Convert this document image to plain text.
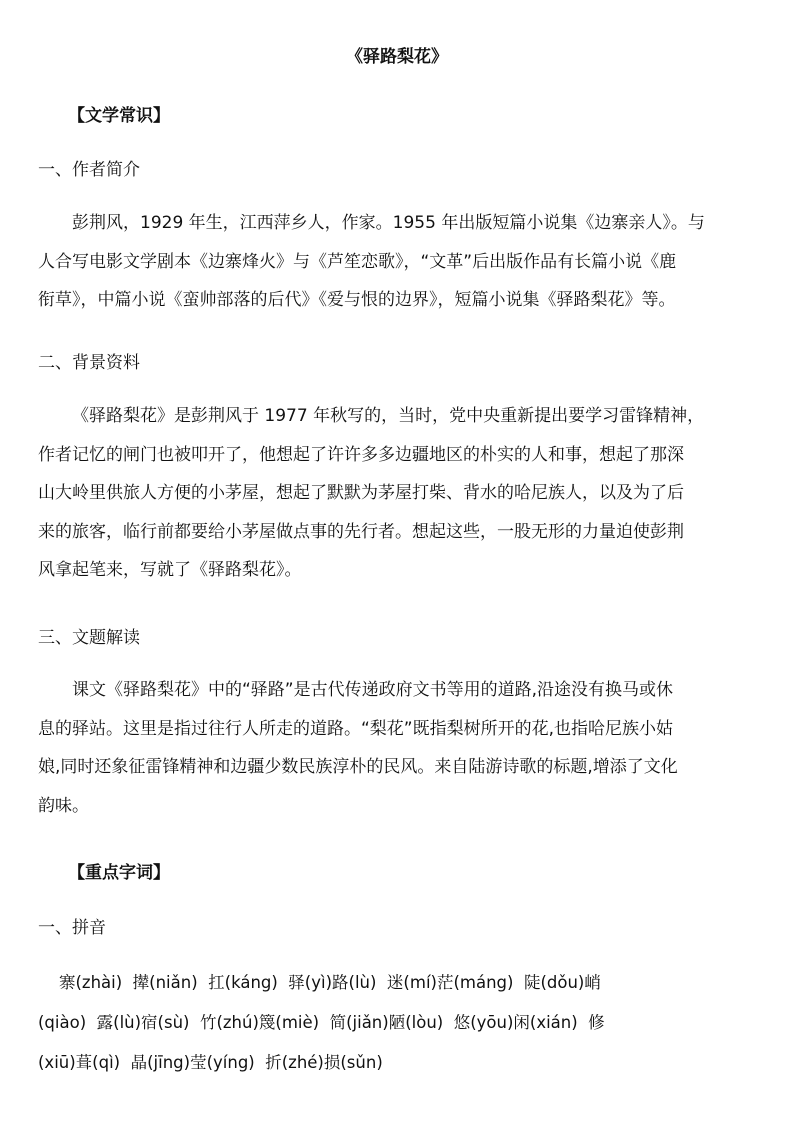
《驿路梨花》
【文学常识】
一、作者简介
彭荆风，1929 年生，江西萍乡人，作家。1955 年出版短篇小说集《边寨亲人》。与
人合写电影文学剧本《边寨烽火》与《芦笙恋歌》，“文革”后出版作品有长篇小说《鹿
衔草》，中篇小说《蛮帅部落的后代》《爱与恨的边界》，短篇小说集《驿路梨花》等。
二、背景资料
《驿路梨花》是彭荆风于 1977 年秋写的，当时，党中央重新提出要学习雷锋精神，
作者记忆的闸门也被叩开了，他想起了许许多多边疆地区的朴实的人和事，想起了那深
山大岭里供旅人方便的小茅屋，想起了默默为茅屋打柴、背水的哈尼族人，以及为了后
来的旅客，临行前都要给小茅屋做点事的先行者。想起这些，一股无形的力量迫使彭荆
风拿起笔来，写就了《驿路梨花》。
三、文题解读
课文《驿路梨花》中的“驿路”是古代传递政府文书等用的道路,沿途没有换马或休
息的驿站。这里是指过往行人所走的道路。“梨花”既指梨树所开的花,也指哈尼族小姑
娘,同时还象征雷锋精神和边疆少数民族淳朴的民风。来自陆游诗歌的标题,增添了文化
韵味。
【重点字词】
一、拼音
寨(zhài)  撵(niǎn)  扛(káng)  驿(yì)路(lù)  迷(mí)茫(máng)  陡(dǒu)峭
(qiào)  露(lù)宿(sù)  竹(zhú)篾(miè)  简(jiǎn)陋(lòu)  悠(yōu)闲(xián)  修
(xiū)葺(qì)  晶(jīng)莹(yíng)  折(zhé)损(sǔn)
